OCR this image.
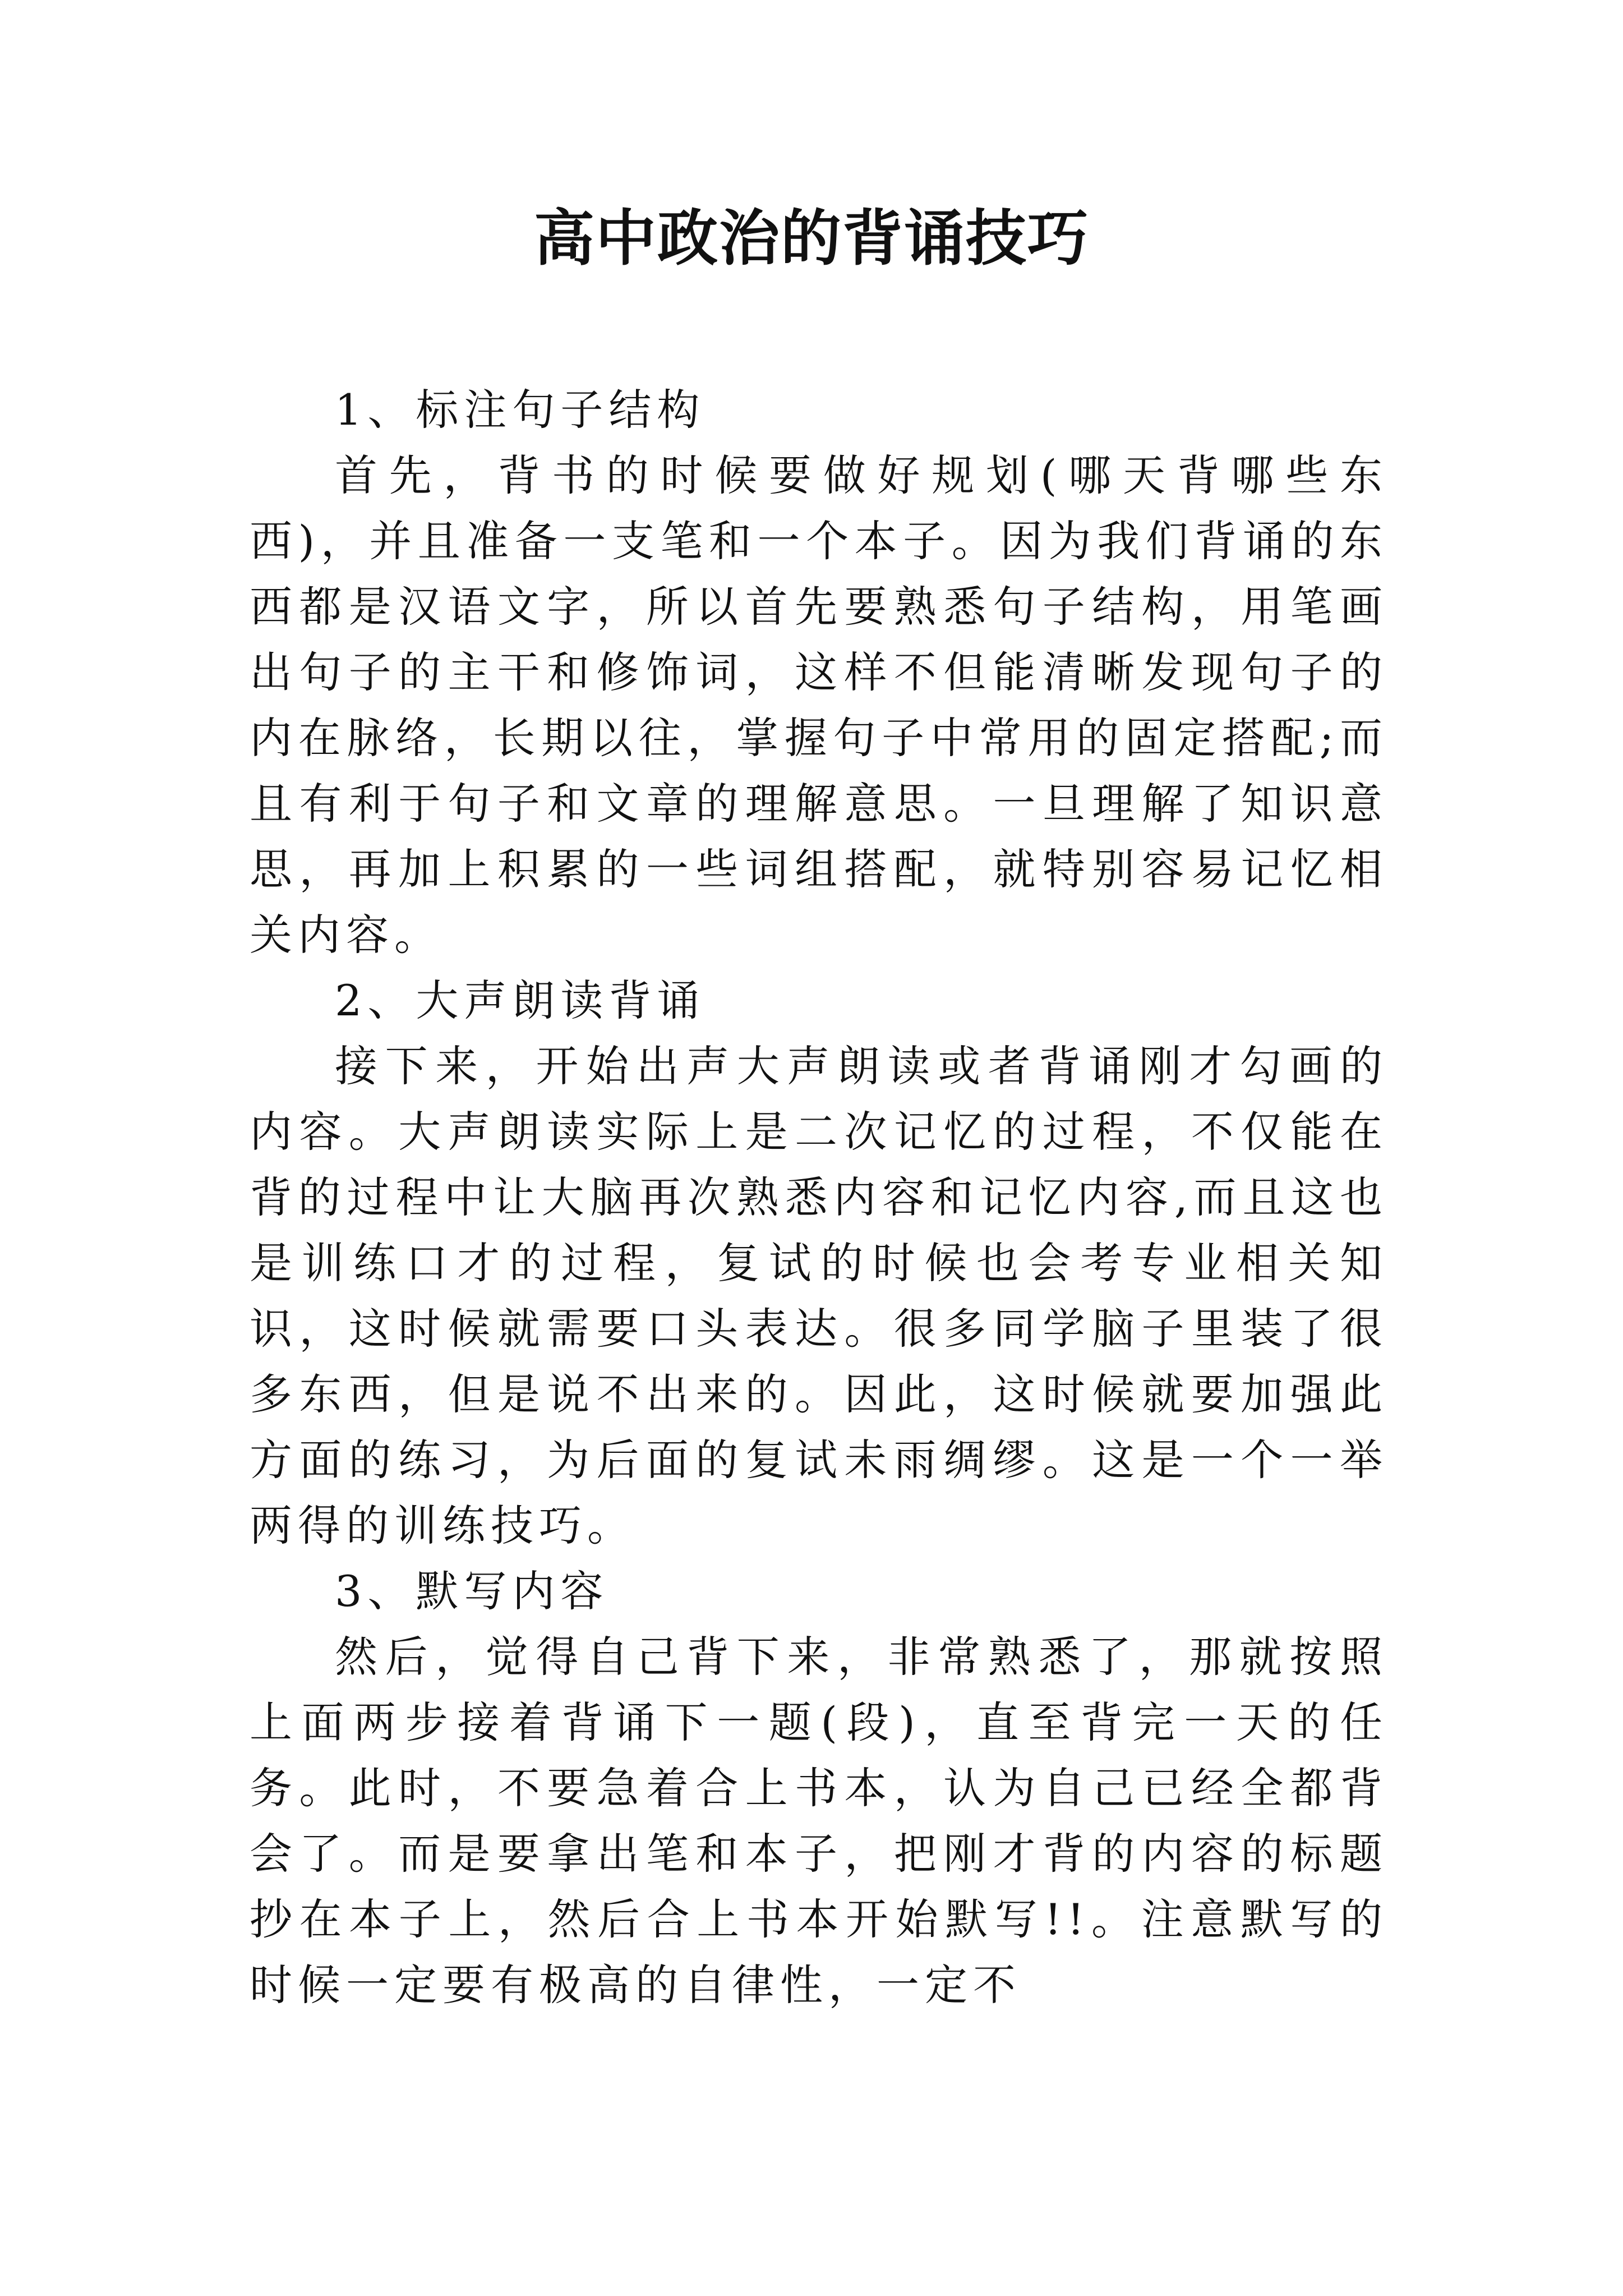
高中政治的背诵技巧

1、标注句子结构

首先，背书的时候要做好规划(哪天背哪些东西)，并且准备一支笔和一个本子。因为我们背诵的东西都是汉语文字，所以首先要熟悉句子结构，用笔画出句子的主干和修饰词，这样不但能清晰发现句子的内在脉络，长期以往，掌握句子中常用的固定搭配;而且有利于句子和文章的理解意思。一旦理解了知识意思，再加上积累的一些词组搭配，就特别容易记忆相关内容。

2、大声朗读背诵

接下来，开始出声大声朗读或者背诵刚才勾画的内容。大声朗读实际上是二次记忆的过程，不仅能在背的过程中让大脑再次熟悉内容和记忆内容,而且这也是训练口才的过程，复试的时候也会考专业相关知识，这时候就需要口头表达。很多同学脑子里装了很多东西，但是说不出来的。因此，这时候就要加强此方面的练习，为后面的复试未雨绸缪。这是一个一举两得的训练技巧。

3、默写内容

然后，觉得自己背下来，非常熟悉了，那就按照上面两步接着背诵下一题(段)，直至背完一天的任务。此时，不要急着合上书本，认为自己已经全都背会了。而是要拿出笔和本子，把刚才背的内容的标题抄在本子上，然后合上书本开始默写!!。注意默写的时候一定要有极高的自律性，一定不
